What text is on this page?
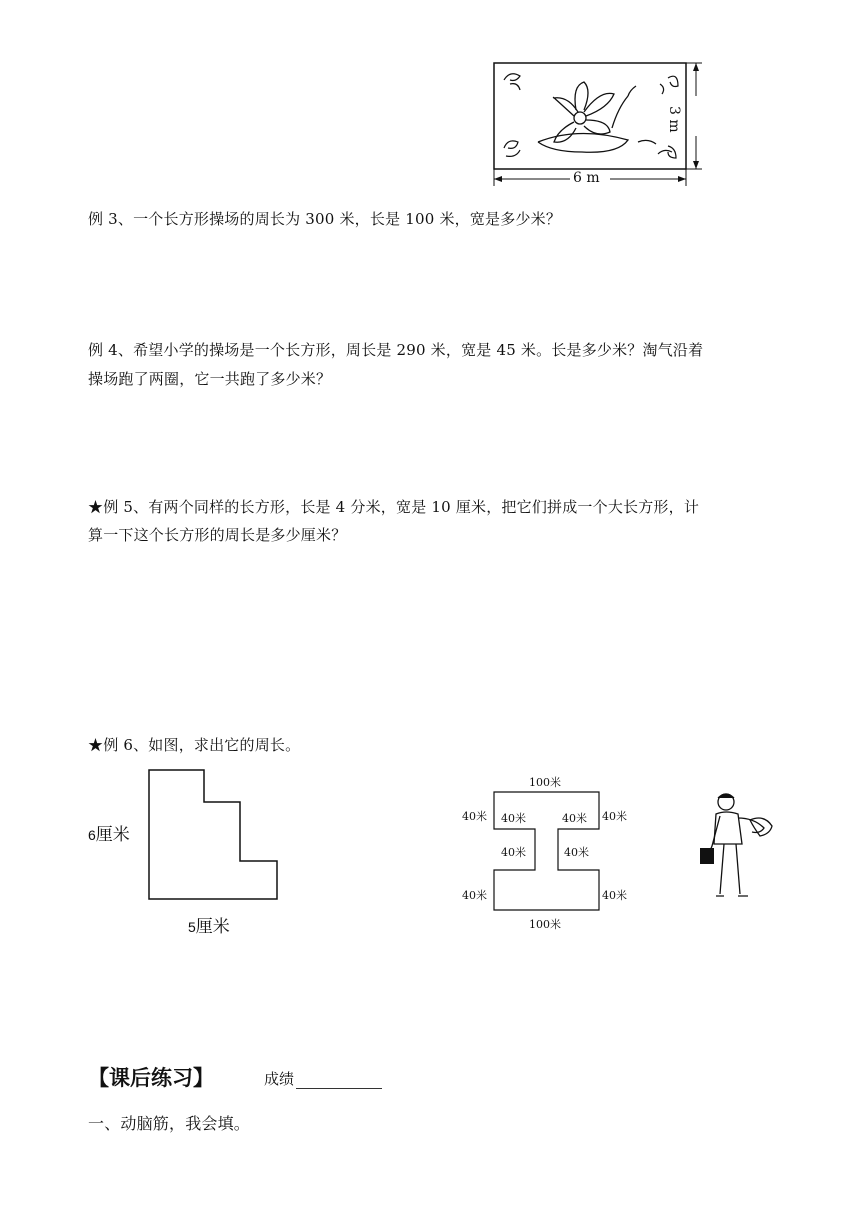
6 m
3 m
例 3、一个长方形操场的周长为 300 米，长是 100 米，宽是多少米？
例 4、希望小学的操场是一个长方形，周长是 290 米，宽是 45 米。长是多少米？淘气沿着
操场跑了两圈，它一共跑了多少米？
★例 5、有两个同样的长方形，长是 4 分米，宽是 10 厘米，把它们拼成一个大长方形，计
算一下这个长方形的周长是多少厘米？
★例 6、如图，求出它的周长。
6厘米
5厘米
100米
40米 40米	40米 40米
40米	40米
40米	40米
100米
【课后练习】	成绩
一、动脑筋，我会填。
